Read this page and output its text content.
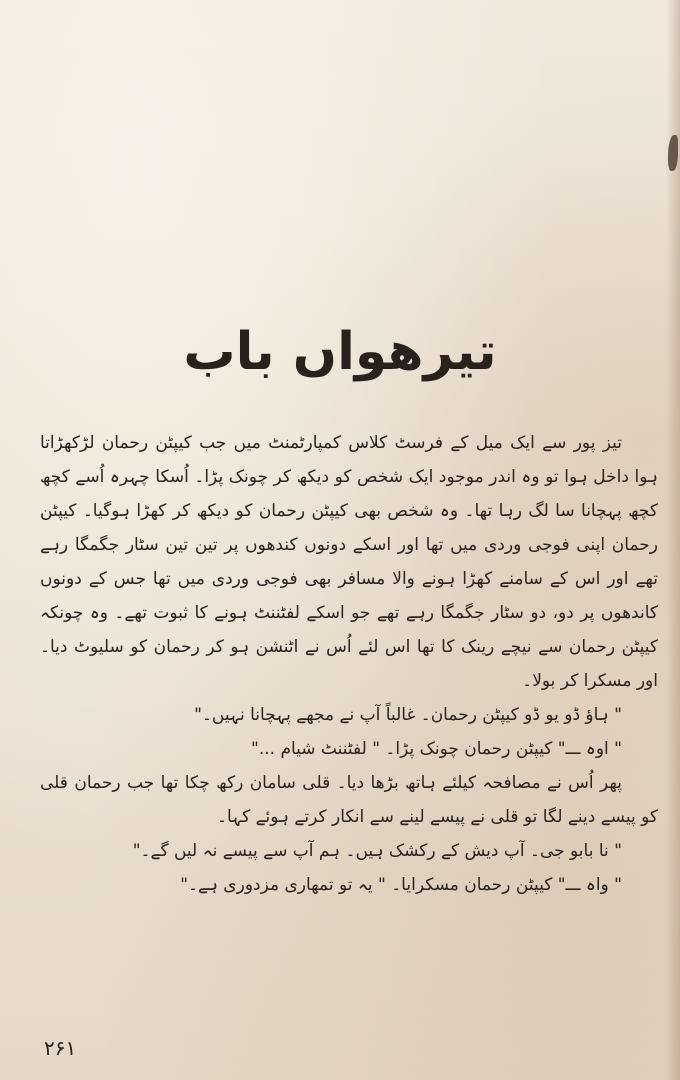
تیرھواں باب

تیز پور سے ایک میل کے فرسٹ کلاس کمپارٹمنٹ میں جب کیپٹن رحمان لڑکھڑاتا ہوا داخل ہوا تو وہ اندر موجود ایک شخص کو دیکھ کر چونک پڑا۔ اُسکا چہرہ اُسے کچھ کچھ پہچانا سا لگ رہا تھا۔ وہ شخص بھی کیپٹن رحمان کو دیکھ کر کھڑا ہوگیا۔ کیپٹن رحمان اپنی فوجی وردی میں تھا اور اسکے دونوں کندھوں پر تین تین سٹار جگمگا رہے تھے اور اس کے سامنے کھڑا ہونے والا مسافر بھی فوجی وردی میں تھا جس کے دونوں کاندھوں پر دو، دو سٹار جگمگا رہے تھے جو اسکے لفٹننٹ ہونے کا ثبوت تھے۔ وہ چونکہ کیپٹن رحمان سے نیچے رینک کا تھا اس لئے اُس نے اٹنشن ہو کر رحمان کو سلیوٹ دیا۔ اور مسکرا کر بولا۔

" ہاؤ ڈو یو ڈو کیپٹن رحمان۔ غالباً آپ نے مجھے پہچانا نہیں۔"

" اوہ ـــ" کیپٹن رحمان چونک پڑا۔ " لفٹننٹ شیام ..."

پھر اُس نے مصافحہ کیلئے ہاتھ بڑھا دیا۔ قلی سامان رکھ چکا تھا جب رحمان قلی کو پیسے دینے لگا تو قلی نے پیسے لینے سے انکار کرتے ہوئے کہا۔

" نا بابو جی۔ آپ دیش کے رکشک ہیں۔ ہم آپ سے پیسے نہ لیں گے۔"

" واہ ـــ" کیپٹن رحمان مسکرایا۔ " یہ تو تمھاری مزدوری ہے۔"

۲۶۱
